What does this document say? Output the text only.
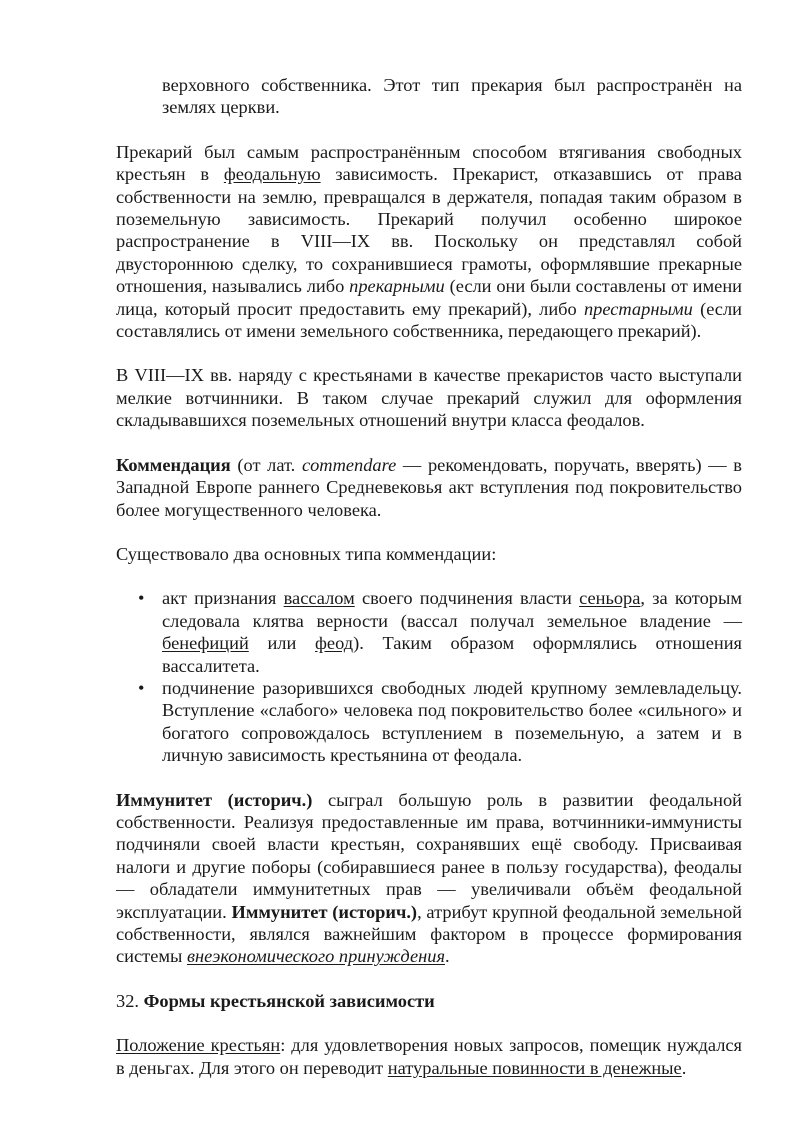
верховного собственника. Этот тип прекария был распространён на землях церкви.

Прекарий был самым распространённым способом втягивания свободных крестьян в феодальную зависимость. Прекарист, отказавшись от права собственности на землю, превращался в держателя, попадая таким образом в поземельную зависимость. Прекарий получил особенно широкое распространение в VIII—IX вв. Поскольку он представлял собой двустороннюю сделку, то сохранившиеся грамоты, оформлявшие прекарные отношения, назывались либо прекарными (если они были составлены от имени лица, который просит предоставить ему прекарий), либо престарными (если составлялись от имени земельного собственника, передающего прекарий).

В VIII—IX вв. наряду с крестьянами в качестве прекаристов часто выступали мелкие вотчинники. В таком случае прекарий служил для оформления складывавшихся поземельных отношений внутри класса феодалов.

Коммендация (от лат. commendare — рекомендовать, поручать, вверять) — в Западной Европе раннего Средневековья акт вступления под покровительство более могущественного человека.

Существовало два основных типа коммендации:

• акт признания вассалом своего подчинения власти сеньора, за которым следовала клятва верности (вассал получал земельное владение — бенефиций или феод). Таким образом оформлялись отношения вассалитета.
• подчинение разорившихся свободных людей крупному землевладельцу. Вступление «слабого» человека под покровительство более «сильного» и богатого сопровождалось вступлением в поземельную, а затем и в личную зависимость крестьянина от феодала.

Иммунитет (историч.) сыграл большую роль в развитии феодальной собственности. Реализуя предоставленные им права, вотчинники-иммунисты подчиняли своей власти крестьян, сохранявших ещё свободу. Присваивая налоги и другие поборы (собиравшиеся ранее в пользу государства), феодалы — обладатели иммунитетных прав — увеличивали объём феодальной эксплуатации. Иммунитет (историч.), атрибут крупной феодальной земельной собственности, являлся важнейшим фактором в процессе формирования системы внеэкономического принуждения.

32. Формы крестьянской зависимости

Положение крестьян: для удовлетворения новых запросов, помещик нуждался в деньгах. Для этого он переводит натуральные повинности в денежные.
